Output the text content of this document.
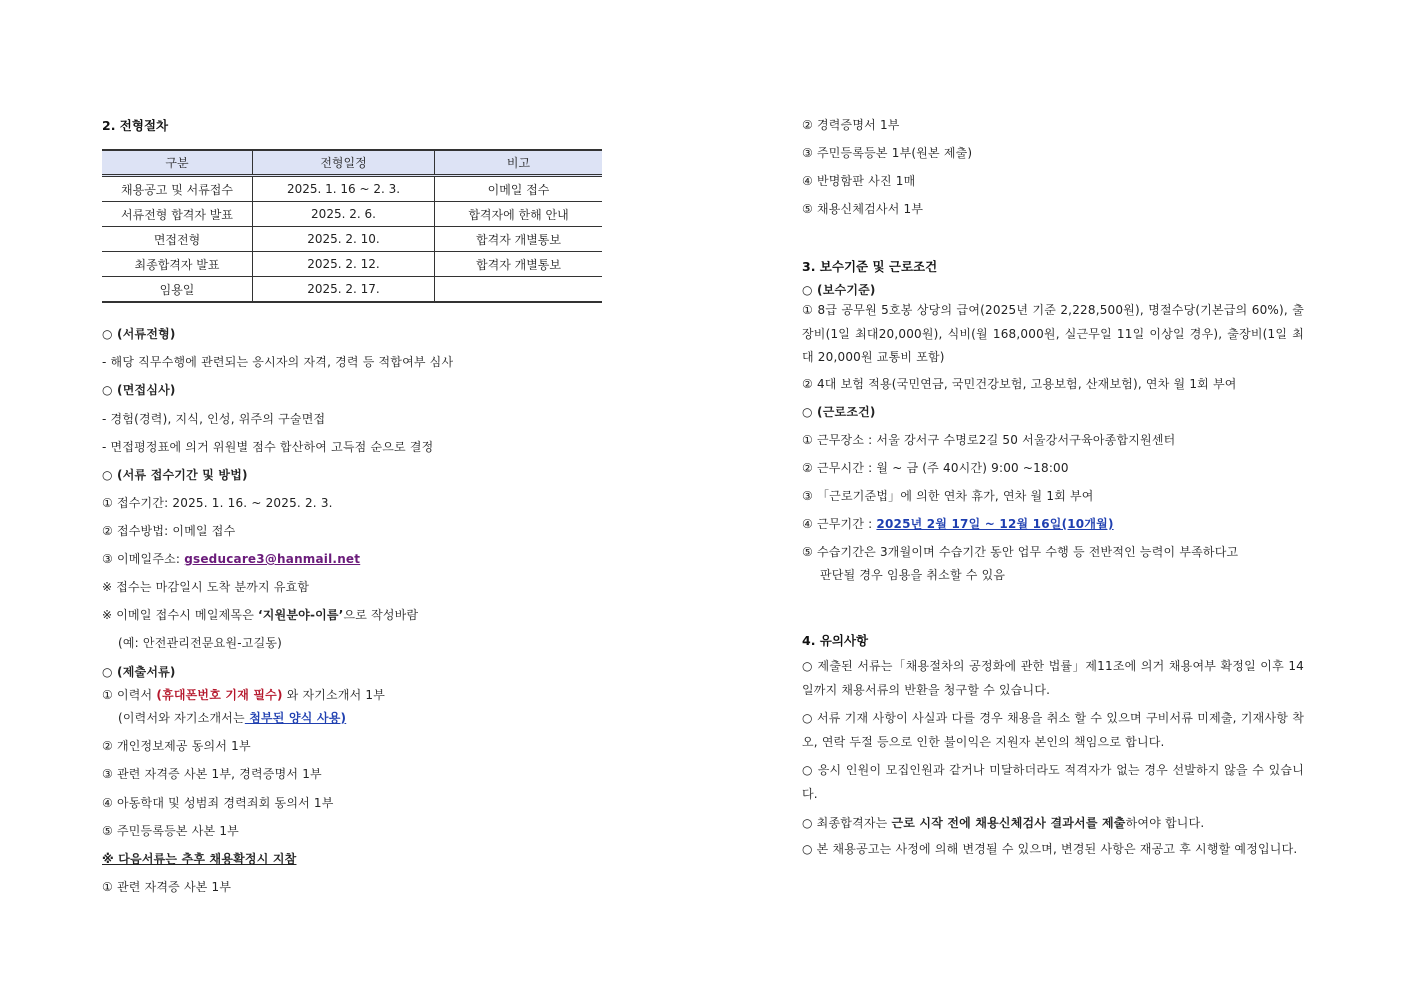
2. 전형절차
구분	전형일정	비고
채용공고 및 서류접수	2025. 1. 16 ~ 2. 3.	이메일 접수
서류전형 합격자 발표	2025. 2. 6.	합격자에 한해 안내
면접전형	2025. 2. 10.	합격자 개별통보
최종합격자 발표	2025. 2. 12.	합격자 개별통보
임용일	2025. 2. 17.	
○ (서류전형)
- 해당 직무수행에 관련되는 응시자의 자격, 경력 등 적합여부 심사
○ (면접심사)
- 경험(경력), 지식, 인성, 위주의 구술면접
- 면접평정표에 의거 위원별 점수 합산하여 고득점 순으로 결정
○ (서류 접수기간 및 방법)
① 접수기간: 2025. 1. 16. ~ 2025. 2. 3.
② 접수방법: 이메일 접수
③ 이메일주소: gseducare3@hanmail.net
※ 접수는 마감일시 도착 분까지 유효함
※ 이메일 접수시 메일제목은 ‘지원분야-이름’으로 작성바람
(예: 안전관리전문요원-고길동)
○ (제출서류)
① 이력서 (휴대폰번호 기재 필수) 와 자기소개서 1부
(이력서와 자기소개서는 첨부된 양식 사용)
② 개인정보제공 동의서 1부
③ 관련 자격증 사본 1부, 경력증명서 1부
④ 아동학대 및 성범죄 경력죄회 동의서 1부
⑤ 주민등록등본 사본 1부
※ 다음서류는 추후 채용확정시 지참
① 관련 자격증 사본 1부
② 경력증명서 1부
③ 주민등록등본 1부(원본 제출)
④ 반명함판 사진 1매
⑤ 채용신체검사서 1부
3. 보수기준 및 근로조건
○ (보수기준)
① 8급 공무원 5호봉 상당의 급여(2025년 기준 2,228,500원), 명절수당(기본급의 60%), 출장비(1일 최대20,000원), 식비(월 168,000원, 실근무일 11일 이상일 경우), 출장비(1일 최대 20,000원 교통비 포함)
② 4대 보험 적용(국민연금, 국민건강보험, 고용보험, 산재보험), 연차 월 1회 부여
○ (근로조건)
① 근무장소 : 서울 강서구 수명로2길 50 서울강서구육아종합지원센터
② 근무시간 : 월 ~ 금 (주 40시간) 9:00 ~18:00
③ 「근로기준법」에 의한 연차 휴가, 연차 월 1회 부여
④ 근무기간 : 2025년 2월 17일 ~ 12월 16일(10개월)
⑤ 수습기간은 3개월이며 수습기간 동안 업무 수행 등 전반적인 능력이 부족하다고
판단될 경우 임용을 취소할 수 있음
4. 유의사항
○ 제출된 서류는「채용절차의 공정화에 관한 법률」제11조에 의거 채용여부 확정일 이후 14일까지 채용서류의 반환을 청구할 수 있습니다.
○ 서류 기재 사항이 사실과 다를 경우 채용을 취소 할 수 있으며 구비서류 미제출, 기재사항 착오, 연락 두절 등으로 인한 불이익은 지원자 본인의 책임으로 합니다.
○ 응시 인원이 모집인원과 같거나 미달하더라도 적격자가 없는 경우 선발하지 않을 수 있습니다.
○ 최종합격자는 근로 시작 전에 채용신체검사 결과서를 제출하여야 합니다.
○ 본 채용공고는 사정에 의해 변경될 수 있으며, 변경된 사항은 재공고 후 시행할 예정입니다.
